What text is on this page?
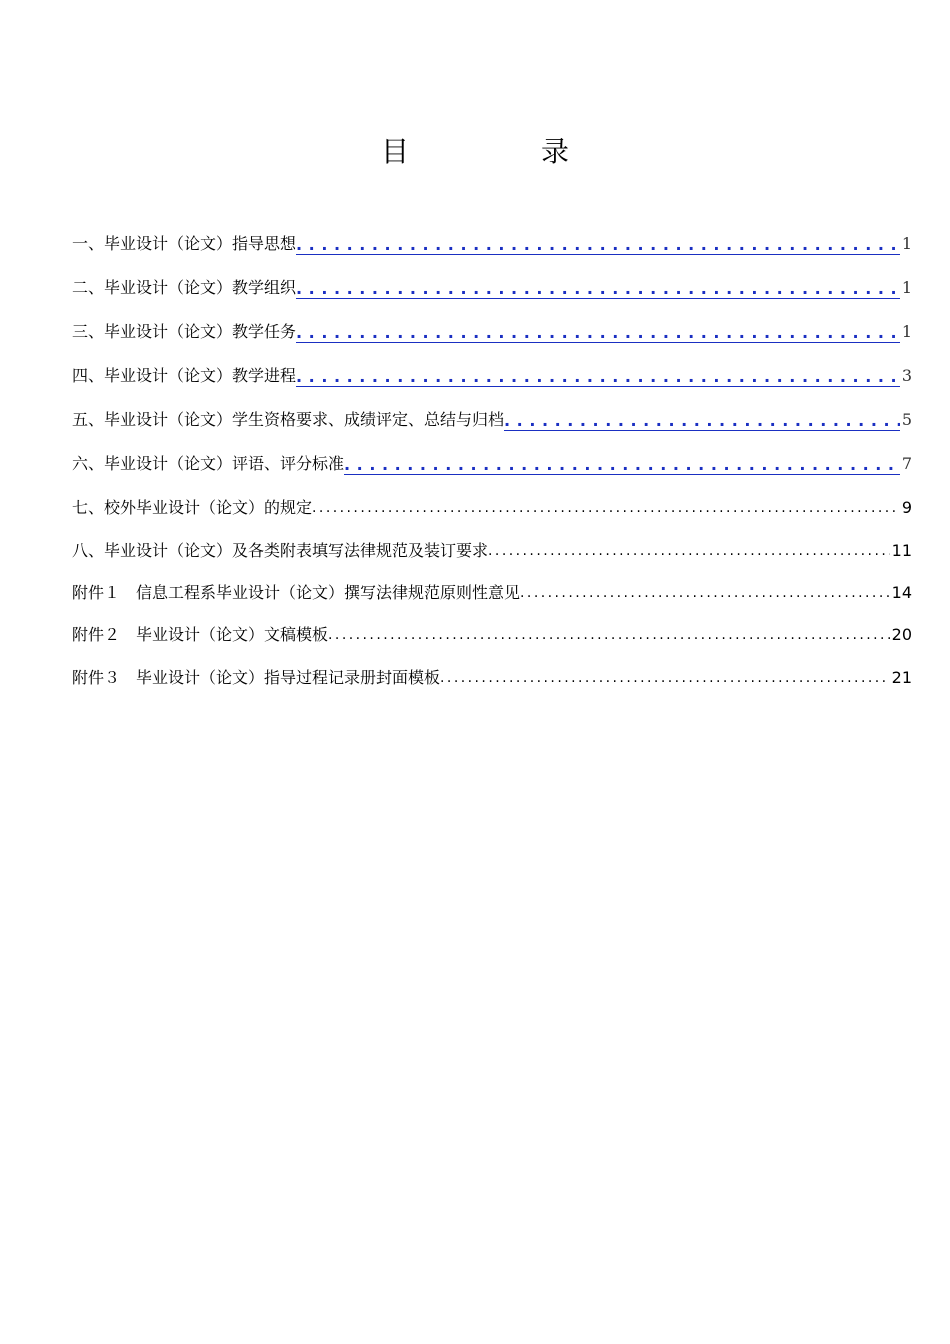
目　录
一、毕业设计（论文）指导思想 . . .	1
二、毕业设计（论文）教学组织 . . .	1
三、毕业设计（论文）教学任务 . . .	1
四、毕业设计（论文）教学进程 . . .	3
五、毕业设计（论文）学生资格要求、成绩评定、总结与归档 . . .	5
六、毕业设计（论文）评语、评分标准 . . .	7
七、校外毕业设计（论文）的规定 . . .	9
八、毕业设计（论文）及各类附表填写法律规范及装订要求 . . .	11
附件１　信息工程系毕业设计（论文）撰写法律规范原则性意见 . . .	14
附件２　毕业设计（论文）文稿模板 . . .	20
附件３　毕业设计（论文）指导过程记录册封面模板 . . .	21
